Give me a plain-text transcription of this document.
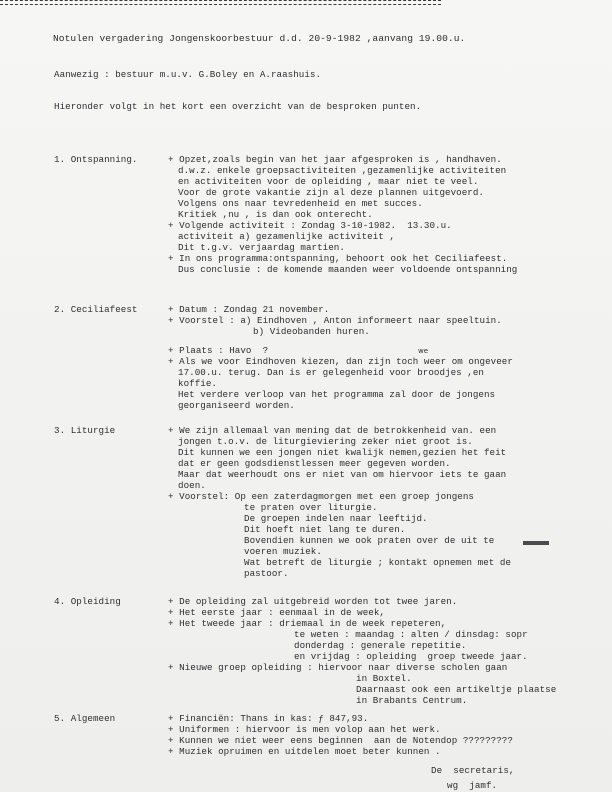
Notulen vergadering Jongenskoorbestuur d.d. 20-9-1982 ,aanvang 19.00.u.
Aanwezig : bestuur m.u.v. G.Boley en A.raashuis.
Hieronder volgt in het kort een overzicht van de besproken punten.
1. Ontspanning.	+ Opzet,zoals begin van het jaar afgesproken is , handhaven.
d.w.z. enkele groepsactiviteiten ,gezamenlijke activiteiten
en activiteiten voor de opleiding , maar niet te veel.
Voor de grote vakantie zijn al deze plannen uitgevoerd.
Volgens ons naar tevredenheid en met succes.
Kritiek ,nu , is dan ook onterecht.
+ Volgende activiteit : Zondag 3-10-1982.  13.30.u.
activiteit a) gezamenlijke activiteit ,
Dit t.g.v. verjaardag martien.
+ In ons programma:ontspanning, behoort ook het Ceciliafeest.
Dus conclusie : de komende maanden weer voldoende ontspanning
2. Ceciliafeest	+ Datum : Zondag 21 november.
+ Voorstel : a) Eindhoven , Anton informeert naar speeltuin.
b) Videobanden huren.
+ Plaats : Havo  ?	we
+ Als we voor Eindhoven kiezen, dan zijn toch weer om ongeveer
17.00.u. terug. Dan is er gelegenheid voor broodjes ,en
koffie.
Het verdere verloop van het programma zal door de jongens
georganiseerd worden.
3. Liturgie	+ We zijn allemaal van mening dat de betrokkenheid van. een
jongen t.o.v. de liturgieviering zeker niet groot is.
Dit kunnen we een jongen niet kwalijk nemen,gezien het feit
dat er geen godsdienstlessen meer gegeven worden.
Maar dat weerhoudt ons er niet van om hiervoor iets te gaan
doen.
+ Voorstel: Op een zaterdagmorgen met een groep jongens
te praten over liturgie.
De groepen indelen naar leeftijd.
Dit hoeft niet lang te duren.
Bovendien kunnen we ook praten over de uit te
voeren muziek.
Wat betreft de liturgie ; kontakt opnemen met de
pastoor.
4. Opleiding	+ De opleiding zal uitgebreid worden tot twee jaren.
+ Het eerste jaar : eenmaal in de week,
+ Het tweede jaar : driemaal in de week repeteren,
te weten : maandag : alten / dinsdag: sopr
donderdag : generale repetitie.
en vrijdag : opleiding  groep tweede jaar.
+ Nieuwe groep opleiding : hiervoor naar diverse scholen gaan
in Boxtel.
Daarnaast ook een artikeltje plaatse
in Brabants Centrum.
5. Algemeen	+ Financiën: Thans in kas: ƒ 847,93.
+ Uniformen : hiervoor is men volop aan het werk.
+ Kunnen we niet weer eens beginnen  aan de Notendop ?????????
+ Muziek opruimen en uitdelen moet beter kunnen .
De  secretaris,
wg  jamf.
